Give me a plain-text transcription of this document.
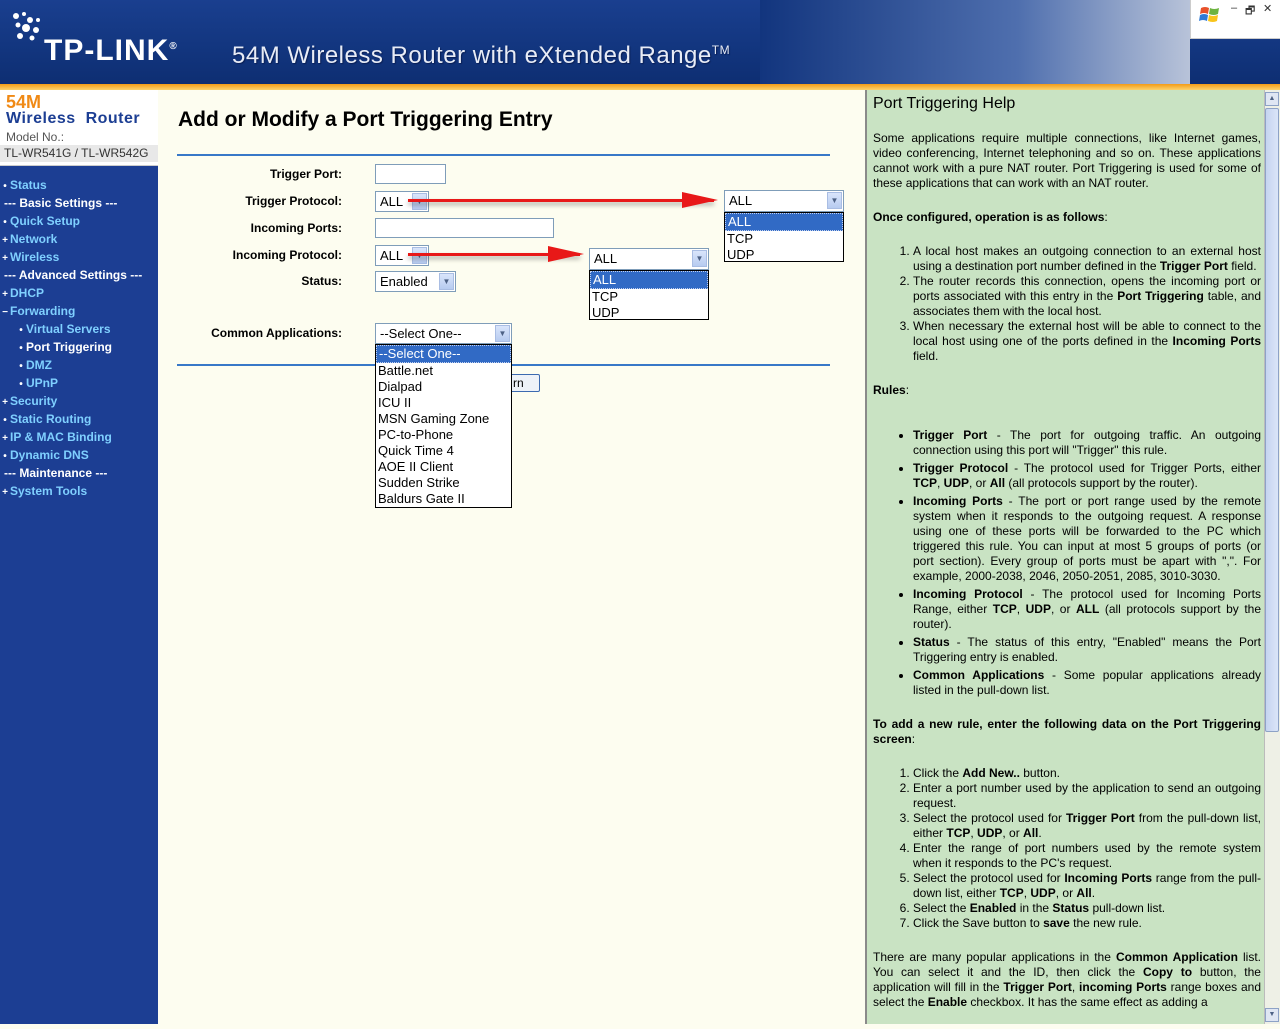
TP-LINK® 54M Wireless Router with eXtended Range™
– 🗗 ✕
54M
Wireless  Router
Model No.:
TL-WR541G / TL-WR542G
• Status
--- Basic Settings ---
• Quick Setup
+ Network
+ Wireless
--- Advanced Settings ---
+ DHCP
− Forwarding
• Virtual Servers
• Port Triggering
• DMZ
• UPnP
+ Security
• Static Routing
+ IP & MAC Binding
• Dynamic DNS
--- Maintenance ---
+ System Tools
Add or Modify a Port Triggering Entry
Trigger Port:
Trigger Protocol:	ALL
Incoming Ports:
Incoming Protocol:	ALL
Status:	Enabled	▼
Common Applications:	--Select One--	▼
rn
--Select One--
Battle.net
Dialpad
ICU II
MSN Gaming Zone
PC-to-Phone
Quick Time 4
AOE II Client
Sudden Strike
Baldurs Gate II
ALL	▼
ALL
TCP
UDP
ALL	▼
ALL
TCP
UDP
Port Triggering Help

Some applications require multiple connections, like Internet games, video conferencing, Internet telephoning and so on. These applications cannot work with a pure NAT router. Port Triggering is used for some of these applications that can work with an NAT router.

Once configured, operation is as follows:

1. A local host makes an outgoing connection to an external host using a destination port number defined in the Trigger Port field.
2. The router records this connection, opens the incoming port or ports associated with this entry in the Port Triggering table, and associates them with the local host.
3. When necessary the external host will be able to connect to the local host using one of the ports defined in the Incoming Ports field.

Rules:

• Trigger Port - The port for outgoing traffic. An outgoing connection using this port will "Trigger" this rule.
• Trigger Protocol - The protocol used for Trigger Ports, either TCP, UDP, or All (all protocols support by the router).
• Incoming Ports - The port or port range used by the remote system when it responds to the outgoing request. A response using one of these ports will be forwarded to the PC which triggered this rule. You can input at most 5 groups of ports (or port section). Every group of ports must be apart with ",". For example, 2000-2038, 2046, 2050-2051, 2085, 3010-3030.
• Incoming Protocol - The protocol used for Incoming Ports Range, either TCP, UDP, or ALL (all protocols support by the router).
• Status - The status of this entry, "Enabled" means the Port Triggering entry is enabled.
• Common Applications - Some popular applications already listed in the pull-down list.

To add a new rule, enter the following data on the Port Triggering screen:

1. Click the Add New.. button.
2. Enter a port number used by the application to send an outgoing request.
3. Select the protocol used for Trigger Port from the pull-down list, either TCP, UDP, or All.
4. Enter the range of port numbers used by the remote system when it responds to the PC's request.
5. Select the protocol used for Incoming Ports range from the pull-down list, either TCP, UDP, or All.
6. Select the Enabled in the Status pull-down list.
7. Click the Save button to save the new rule.

There are many popular applications in the Common Application list. You can select it and the ID, then click the Copy to button, the application will fill in the Trigger Port, incoming Ports range boxes and select the Enable checkbox. It has the same effect as adding a

▲
▼
